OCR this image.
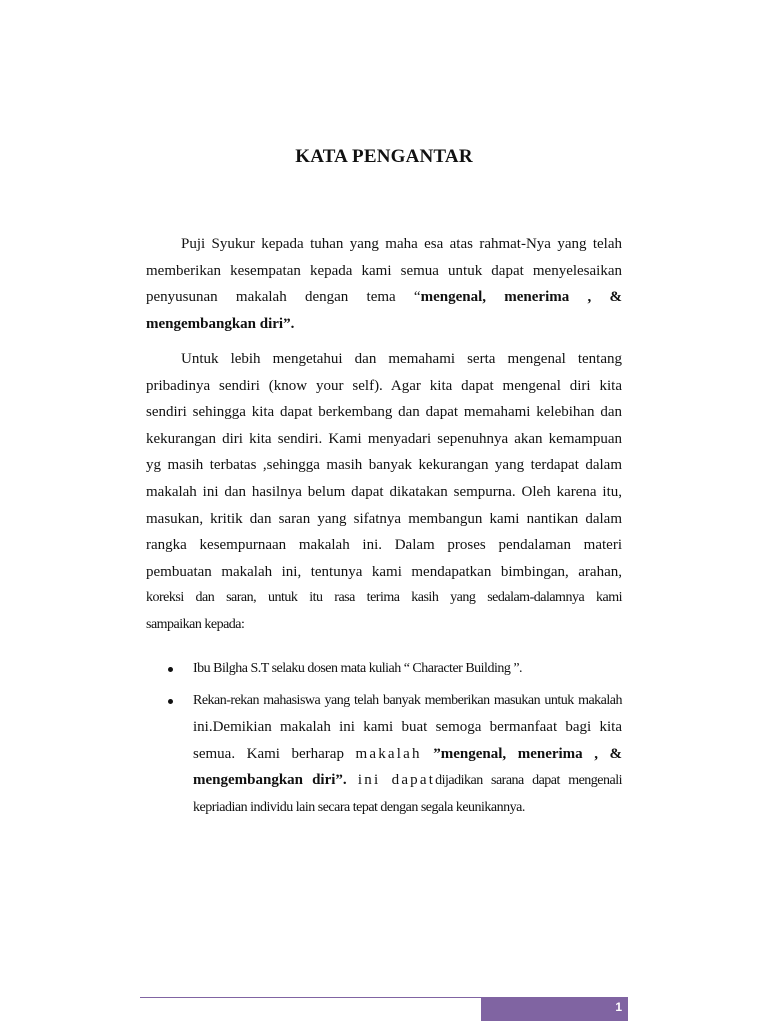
KATA PENGANTAR
Puji Syukur kepada tuhan yang maha esa atas rahmat-Nya yang telah
memberikan kesempatan kepada kami semua untuk dapat menyelesaikan
penyusunan makalah dengan tema “mengenal, menerima , &
mengembangkan diri”.
Untuk lebih mengetahui dan memahami serta mengenal tentang
pribadinya sendiri (know your self). Agar kita dapat mengenal diri kita
sendiri sehingga kita dapat berkembang dan dapat memahami kelebihan dan
kekurangan diri kita sendiri. Kami menyadari sepenuhnya akan kemampuan
yg masih terbatas ,sehingga masih banyak kekurangan yang terdapat dalam
makalah ini dan hasilnya belum dapat dikatakan sempurna. Oleh karena itu,
masukan, kritik dan saran yang sifatnya membangun kami nantikan dalam
rangka kesempurnaan makalah ini. Dalam proses pendalaman materi
pembuatan makalah ini, tentunya kami mendapatkan bimbingan, arahan,
koreksi dan saran, untuk itu rasa terima kasih yang sedalam-dalamnya kami
sampaikan kepada:
Ibu Bilgha S.T selaku dosen mata kuliah “ Character Building ”.
Rekan-rekan mahasiswa yang telah banyak memberikan masukan untuk makalah
ini.Demikian makalah ini kami buat semoga bermanfaat bagi kita
semua. Kami berharap makalah ”mengenal, menerima , &
mengembangkan diri”. ini dapatdijadikan sarana dapat mengenali
kepriadian individu lain secara tepat dengan segala keunikannya.
1
